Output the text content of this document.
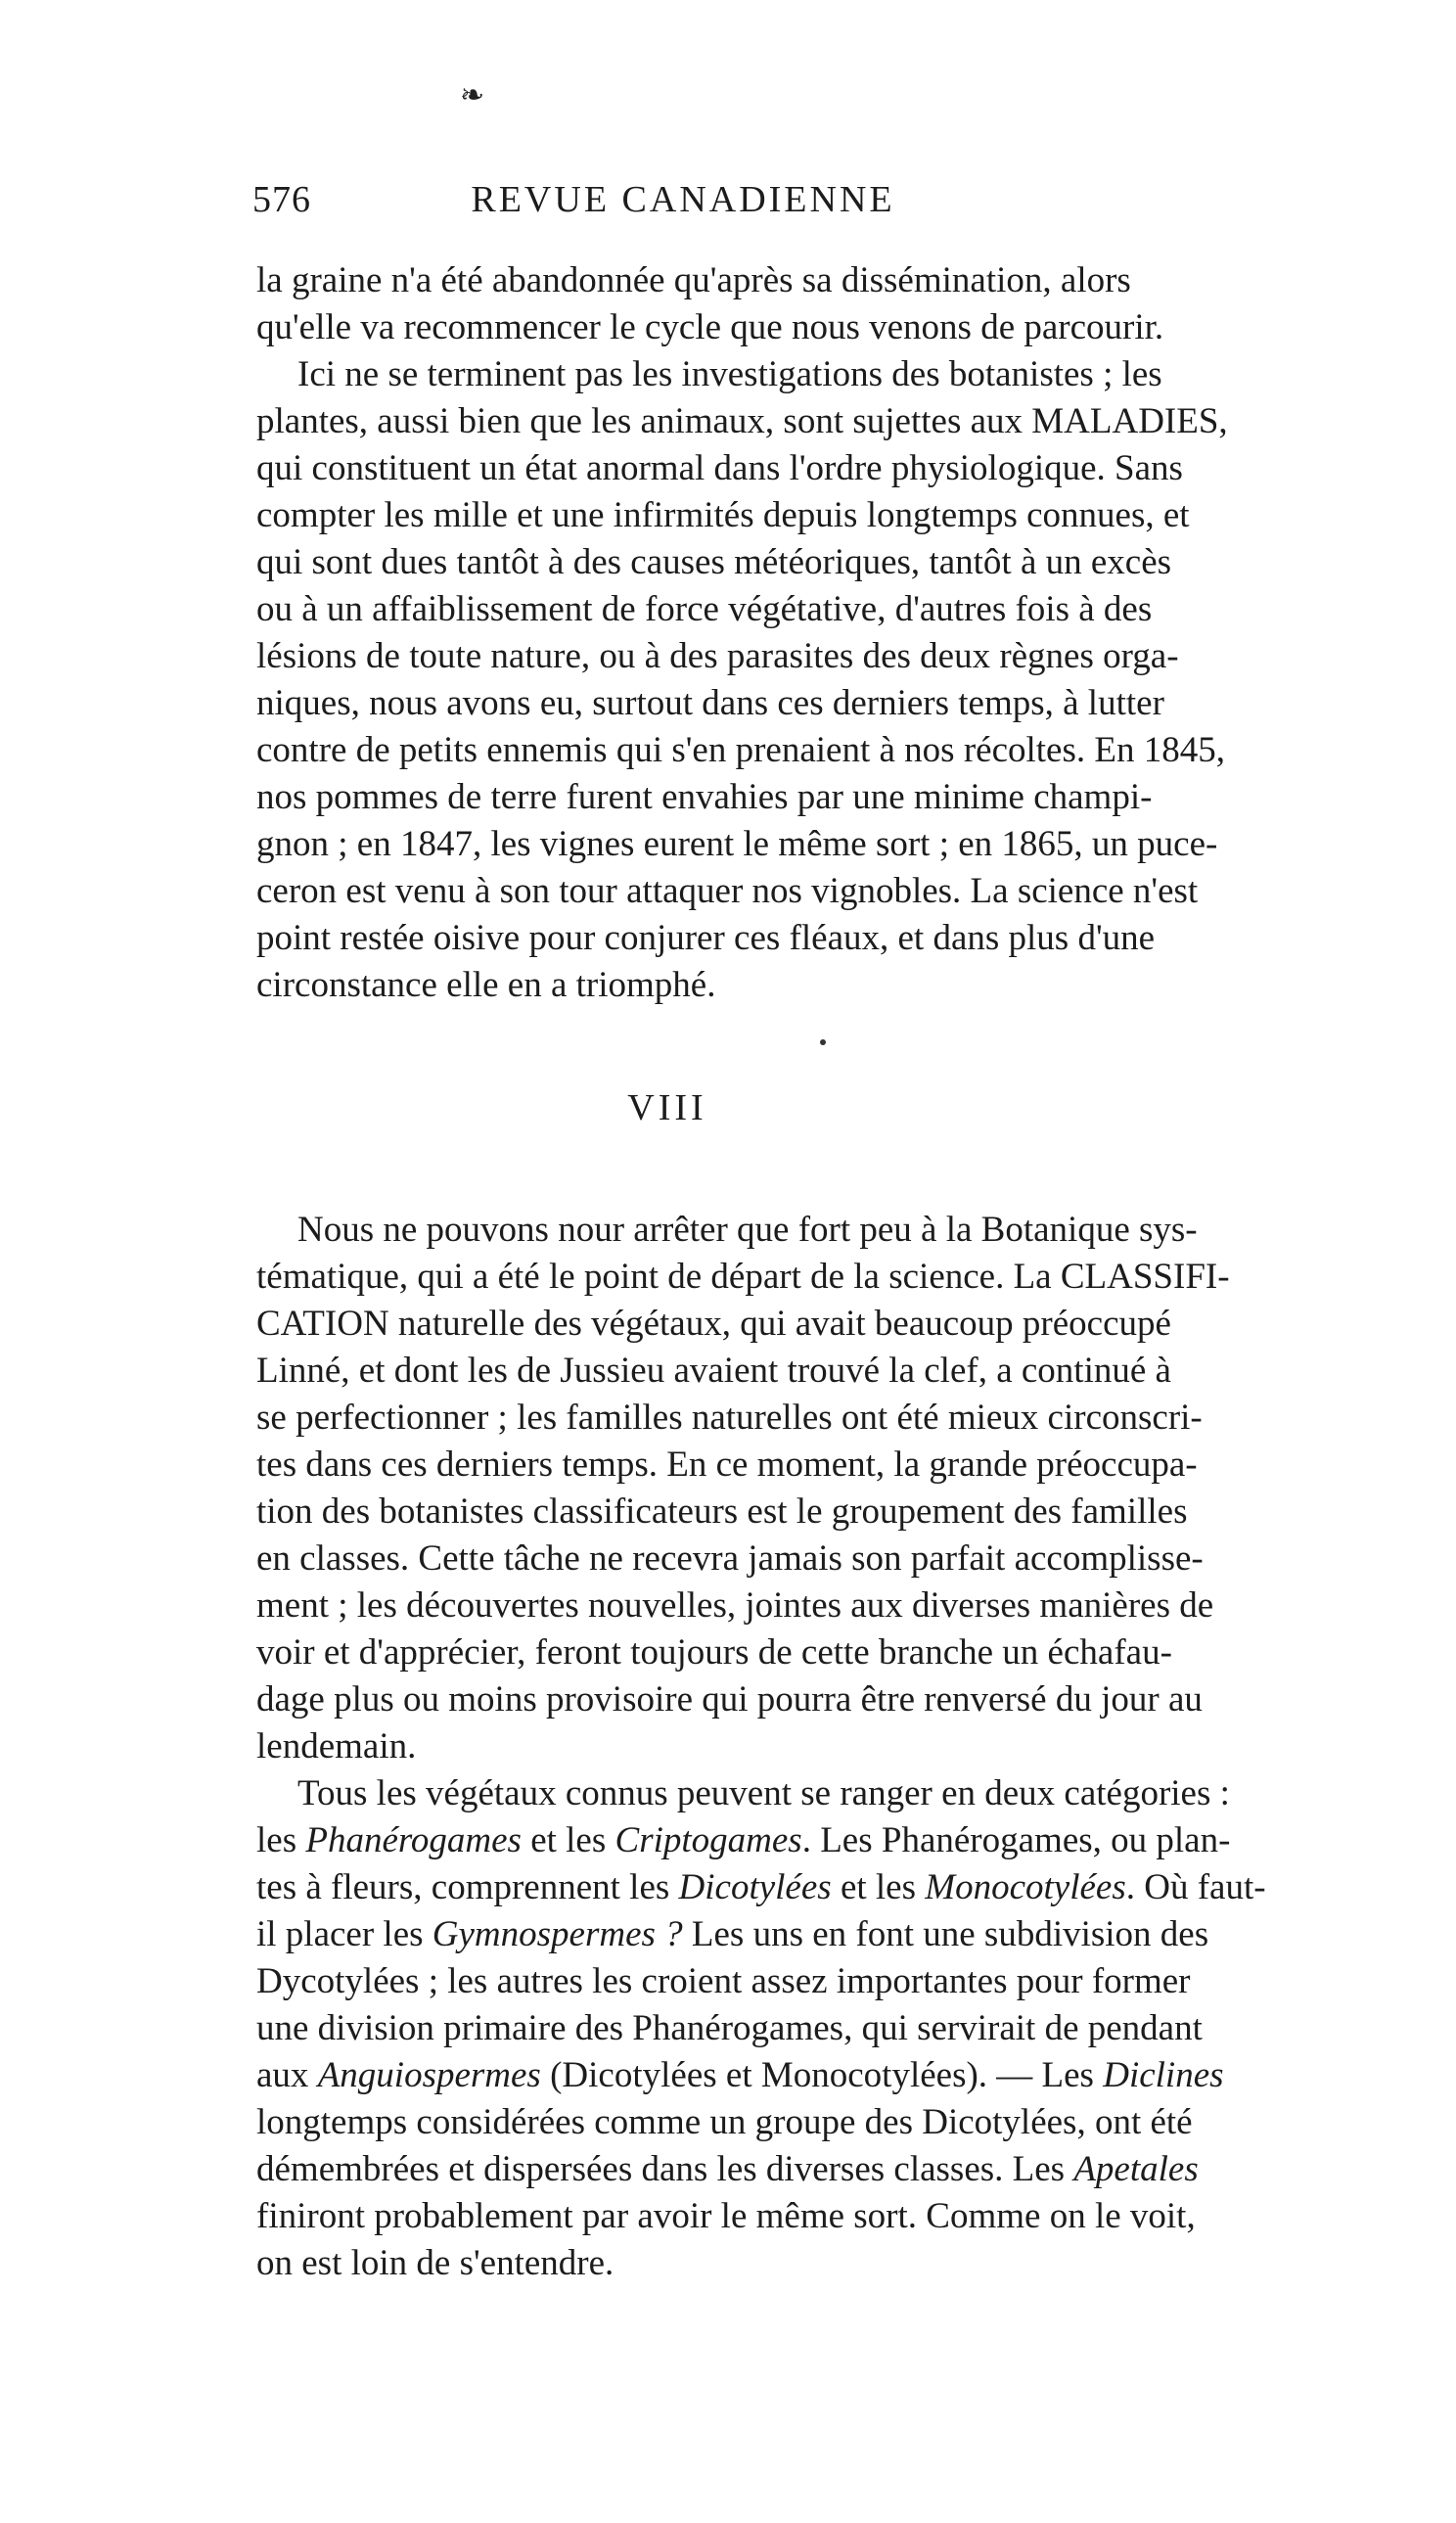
❧
576	REVUE CANADIENNE
la graine n'a été abandonnée qu'après sa dissémination, alors
qu'elle va recommencer le cycle que nous venons de parcourir.
Ici ne se terminent pas les investigations des botanistes ; les
plantes, aussi bien que les animaux, sont sujettes aux MALADIES,
qui constituent un état anormal dans l'ordre physiologique. Sans
compter les mille et une infirmités depuis longtemps connues, et
qui sont dues tantôt à des causes météoriques, tantôt à un excès
ou à un affaiblissement de force végétative, d'autres fois à des
lésions de toute nature, ou à des parasites des deux règnes orga-
niques, nous avons eu, surtout dans ces derniers temps, à lutter
contre de petits ennemis qui s'en prenaient à nos récoltes. En 1845,
nos pommes de terre furent envahies par une minime champi-
gnon ; en 1847, les vignes eurent le même sort ; en 1865, un puce-
ceron est venu à son tour attaquer nos vignobles. La science n'est
point restée oisive pour conjurer ces fléaux, et dans plus d'une
circonstance elle en a triomphé.
VIII
Nous ne pouvons nour arrêter que fort peu à la Botanique sys-
tématique, qui a été le point de départ de la science. La CLASSIFI-
CATION naturelle des végétaux, qui avait beaucoup préoccupé
Linné, et dont les de Jussieu avaient trouvé la clef, a continué à
se perfectionner ; les familles naturelles ont été mieux circonscri-
tes dans ces derniers temps. En ce moment, la grande préoccupa-
tion des botanistes classificateurs est le groupement des familles
en classes. Cette tâche ne recevra jamais son parfait accomplisse-
ment ; les découvertes nouvelles, jointes aux diverses manières de
voir et d'apprécier, feront toujours de cette branche un échafau-
dage plus ou moins provisoire qui pourra être renversé du jour au
lendemain.
Tous les végétaux connus peuvent se ranger en deux catégories :
les Phanérogames et les Criptogames. Les Phanérogames, ou plan-
tes à fleurs, comprennent les Dicotylées et les Monocotylées. Où faut-
il placer les Gymnospermes ? Les uns en font une subdivision des
Dycotylées ; les autres les croient assez importantes pour former
une division primaire des Phanérogames, qui servirait de pendant
aux Anguiospermes (Dicotylées et Monocotylées). — Les Diclines
longtemps considérées comme un groupe des Dicotylées, ont été
démembrées et dispersées dans les diverses classes. Les Apetales
finiront probablement par avoir le même sort. Comme on le voit,
on est loin de s'entendre.
